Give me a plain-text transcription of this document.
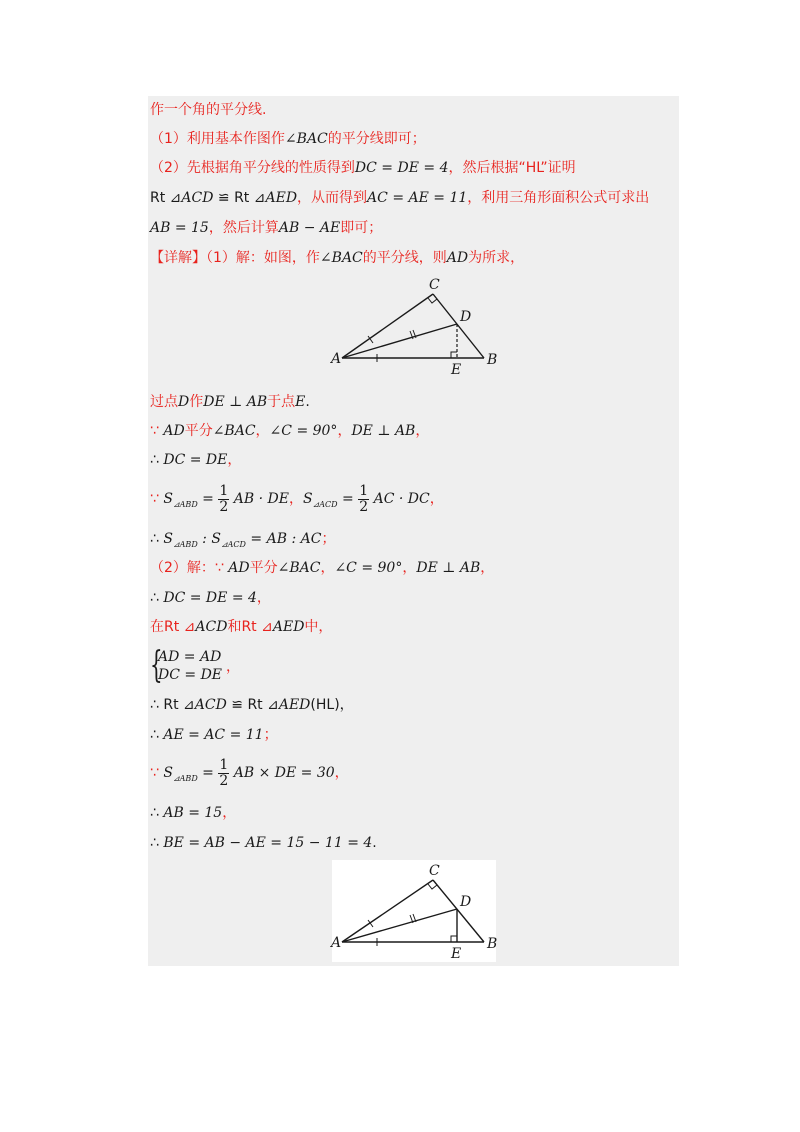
作一个角的平分线.
（1）利用基本作图作∠BAC的平分线即可；
（2）先根据角平分线的性质得到DC = DE = 4，然后根据“HL”证明
Rt ⊿ACD ≌ Rt ⊿AED，从而得到AC = AE = 11，利用三角形面积公式可求出
AB = 15，然后计算AB − AE即可；
【详解】（1）解：如图，作∠BAC的平分线，则AD为所求，
A	B
C
D
E
过点D作DE ⊥ AB于点E.
∵ AD平分∠BAC，∠C = 90°，DE ⊥ AB，
∴ DC = DE，
∵ $S_{⊿ABD} = \frac{1}{2}$ AB · DE，$S_{⊿ACD} = \frac{1}{2}$ AC · DC，
∴ $S_{⊿ABD}$ : $S_{⊿ACD}$ = AB : AC；
（2）解：∵ AD平分∠BAC，∠C = 90°，DE ⊥ AB，
∴ DC = DE = 4，
在Rt ⊿ACD和Rt ⊿AED中，
{
AD = AD
DC = DE ，
∴ Rt ⊿ACD ≌ Rt ⊿AED(HL)，
∴ AE = AC = 11；
∵ $S_{⊿ABD} = \frac{1}{2}$ AB × DE = 30，
∴ AB = 15，
∴ BE = AB − AE = 15 − 11 = 4.
A	B
C
D
E
